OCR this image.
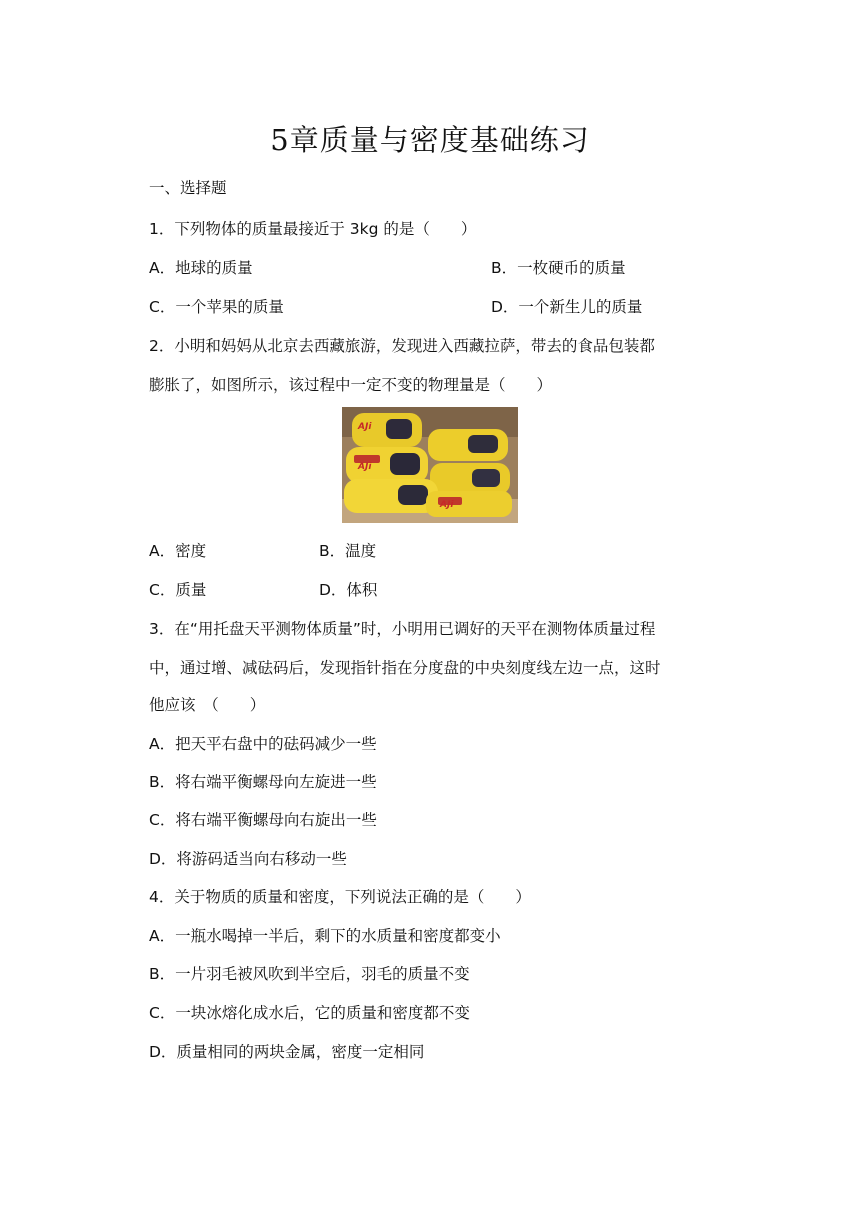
5章质量与密度基础练习
一、选择题
1．下列物体的质量最接近于 3kg 的是（　　）
A．地球的质量	B．一枚硬币的质量
C．一个苹果的质量	D．一个新生儿的质量
2．小明和妈妈从北京去西藏旅游，发现进入西藏拉萨，带去的食品包装都
膨胀了，如图所示，该过程中一定不变的物理量是（　　）
AJi
AJi
AJi
A．密度	B．温度
C．质量	D．体积
3．在“用托盘天平测物体质量”时，小明用已调好的天平在测物体质量过程
中，通过增、减砝码后，发现指针指在分度盘的中央刻度线左边一点，这时
他应该　（　　）
A．把天平右盘中的砝码减少一些
B．将右端平衡螺母向左旋进一些
C．将右端平衡螺母向右旋出一些
D．将游码适当向右移动一些
4．关于物质的质量和密度，下列说法正确的是（　　）
A．一瓶水喝掉一半后，剩下的水质量和密度都变小
B．一片羽毛被风吹到半空后，羽毛的质量不变
C．一块冰熔化成水后，它的质量和密度都不变
D．质量相同的两块金属，密度一定相同
